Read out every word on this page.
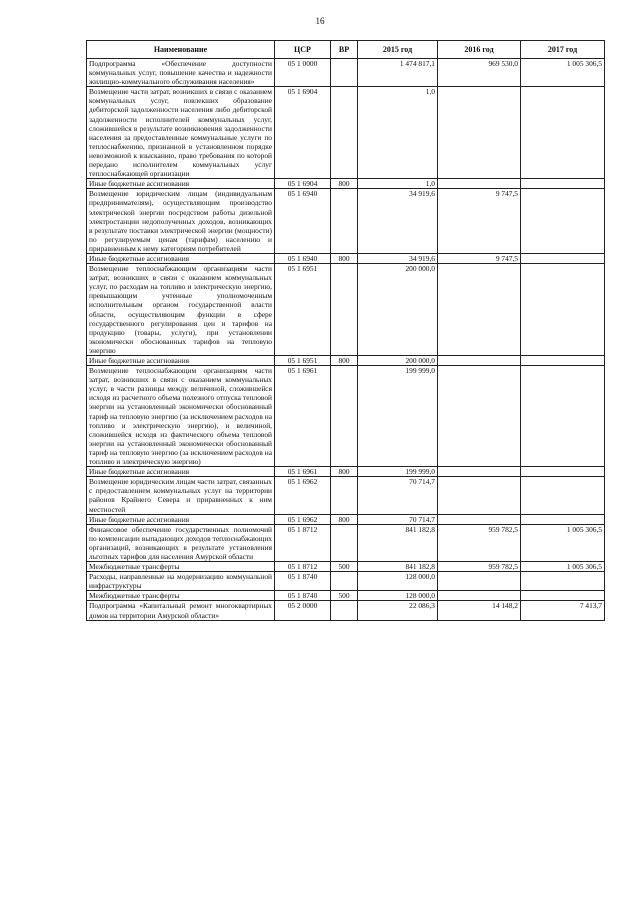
16
Наименование	ЦСР	ВР	2015 год	2016 год	2017 год
Подпрограмма «Обеспечение доступности коммунальных услуг, повышение качества и надежности жилищно-коммунального обслуживания населения»	05 1 0000		1 474 817,1	969 530,0	1 005 306,5
Возмещение части затрат, возникших в связи с оказанием коммунальных услуг, повлекших образование дебиторской задолженности населения либо дебиторской задолженности исполнителей коммунальных услуг, сложившейся в результате возникновения задолженности населения за предоставленные коммунальные услуги по теплоснабжению, признанной в установленном порядке невозможной к взысканию, право требования по которой передано исполнителем коммунальных услуг теплоснабжающей организации	05 1 6904		1,0		
Иные бюджетные ассигнования	05 1 6904	800	1,0		
Возмещение юридическим лицам (индивидуальным предпринимателям), осуществляющим производство электрической энергии посредством работы дизельной электростанции недополученных доходов, возникающих в результате поставки электрической энергии (мощности) по регулируемым ценам (тарифам) населению и приравненным к нему категориям потребителей	05 1 6940		34 919,6	9 747,5	
Иные бюджетные ассигнования	05 1 6940	800	34 919,6	9 747,5	
Возмещение теплоснабжающим организациям части затрат, возникших в связи с оказанием коммунальных услуг, по расходам на топливо и электрическую энергию, превышающим учтенные уполномоченным исполнительным органом государственной власти области, осуществляющим функции в сфере государственного регулирования цен и тарифов на продукцию (товары, услуги), при установлении экономически обоснованных тарифов на тепловую энергию	05 1 6951		200 000,0		
Иные бюджетные ассигнования	05 1 6951	800	200 000,0		
Возмещение теплоснабжающим организациям части затрат, возникших в связи с оказанием коммунальных услуг, в части разницы между величиной, сложившейся исходя из расчетного объема полезного отпуска тепловой энергии на установленный экономически обоснованный тариф на тепловую энергию (за исключением расходов на топливо и электрическую энергию), и величиной, сложившейся исходя из фактического объема тепловой энергии на установленный экономически обоснованный тариф на тепловую энергию (за исключением расходов на топливо и электрическую энергию)	05 1 6961		199 999,0		
Иные бюджетные ассигнования	05 1 6961	800	199 999,0		
Возмещение юридическим лицам части затрат, связанных с предоставлением коммунальных услуг на территории районов Крайнего Севера и приравненных к ним местностей	05 1 6962		70 714,7		
Иные бюджетные ассигнования	05 1 6962	800	70 714,7		
Финансовое обеспечение государственных полномочий по компенсации выпадающих доходов теплоснабжающих организаций, возникающих в результате установления льготных тарифов для населения Амурской области	05 1 8712		841 182,8	959 782,5	1 005 306,5
Межбюджетные трансферты	05 1 8712	500	841 182,8	959 782,5	1 005 306,5
Расходы, направленные на модернизацию коммунальной инфраструктуры	05 1 8740		128 000,0		
Межбюджетные трансферты	05 1 8740	500	128 000,0		
Подпрограмма «Капитальный ремонт многоквартирных домов на территории Амурской области»	05 2 0000		22 086,3	14 148,2	7 413,7
